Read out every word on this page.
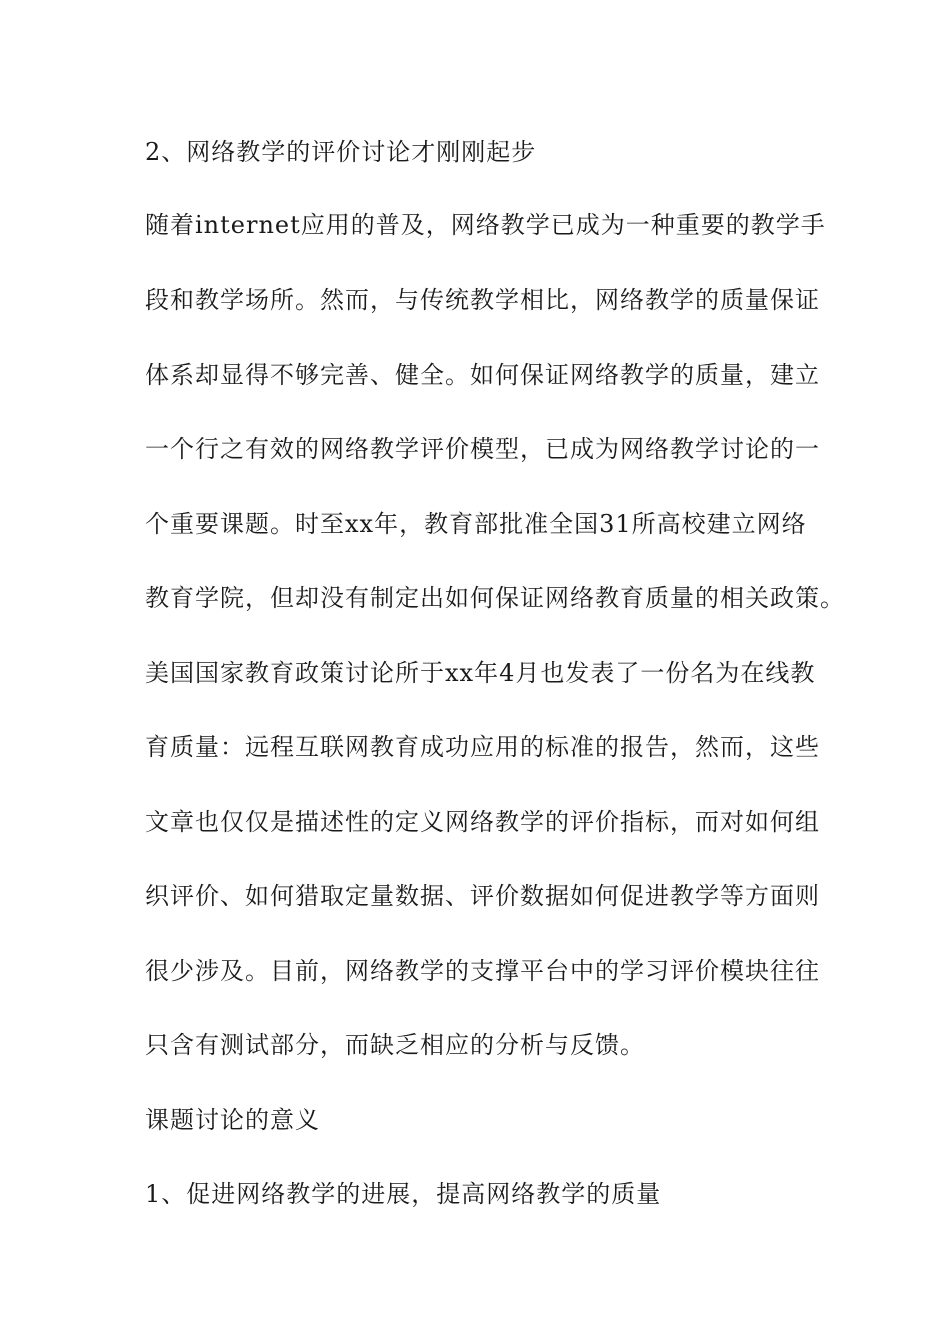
2、网络教学的评价讨论才刚刚起步
随着internet应用的普及，网络教学已成为一种重要的教学手
段和教学场所。然而，与传统教学相比，网络教学的质量保证
体系却显得不够完善、健全。如何保证网络教学的质量，建立
一个行之有效的网络教学评价模型，已成为网络教学讨论的一
个重要课题。时至xx年，教育部批准全国31所高校建立网络
教育学院，但却没有制定出如何保证网络教育质量的相关政策。
美国国家教育政策讨论所于xx年4月也发表了一份名为在线教
育质量：远程互联网教育成功应用的标准的报告，然而，这些
文章也仅仅是描述性的定义网络教学的评价指标，而对如何组
织评价、如何猎取定量数据、评价数据如何促进教学等方面则
很少涉及。目前，网络教学的支撑平台中的学习评价模块往往
只含有测试部分，而缺乏相应的分析与反馈。
课题讨论的意义
1、促进网络教学的进展，提高网络教学的质量
